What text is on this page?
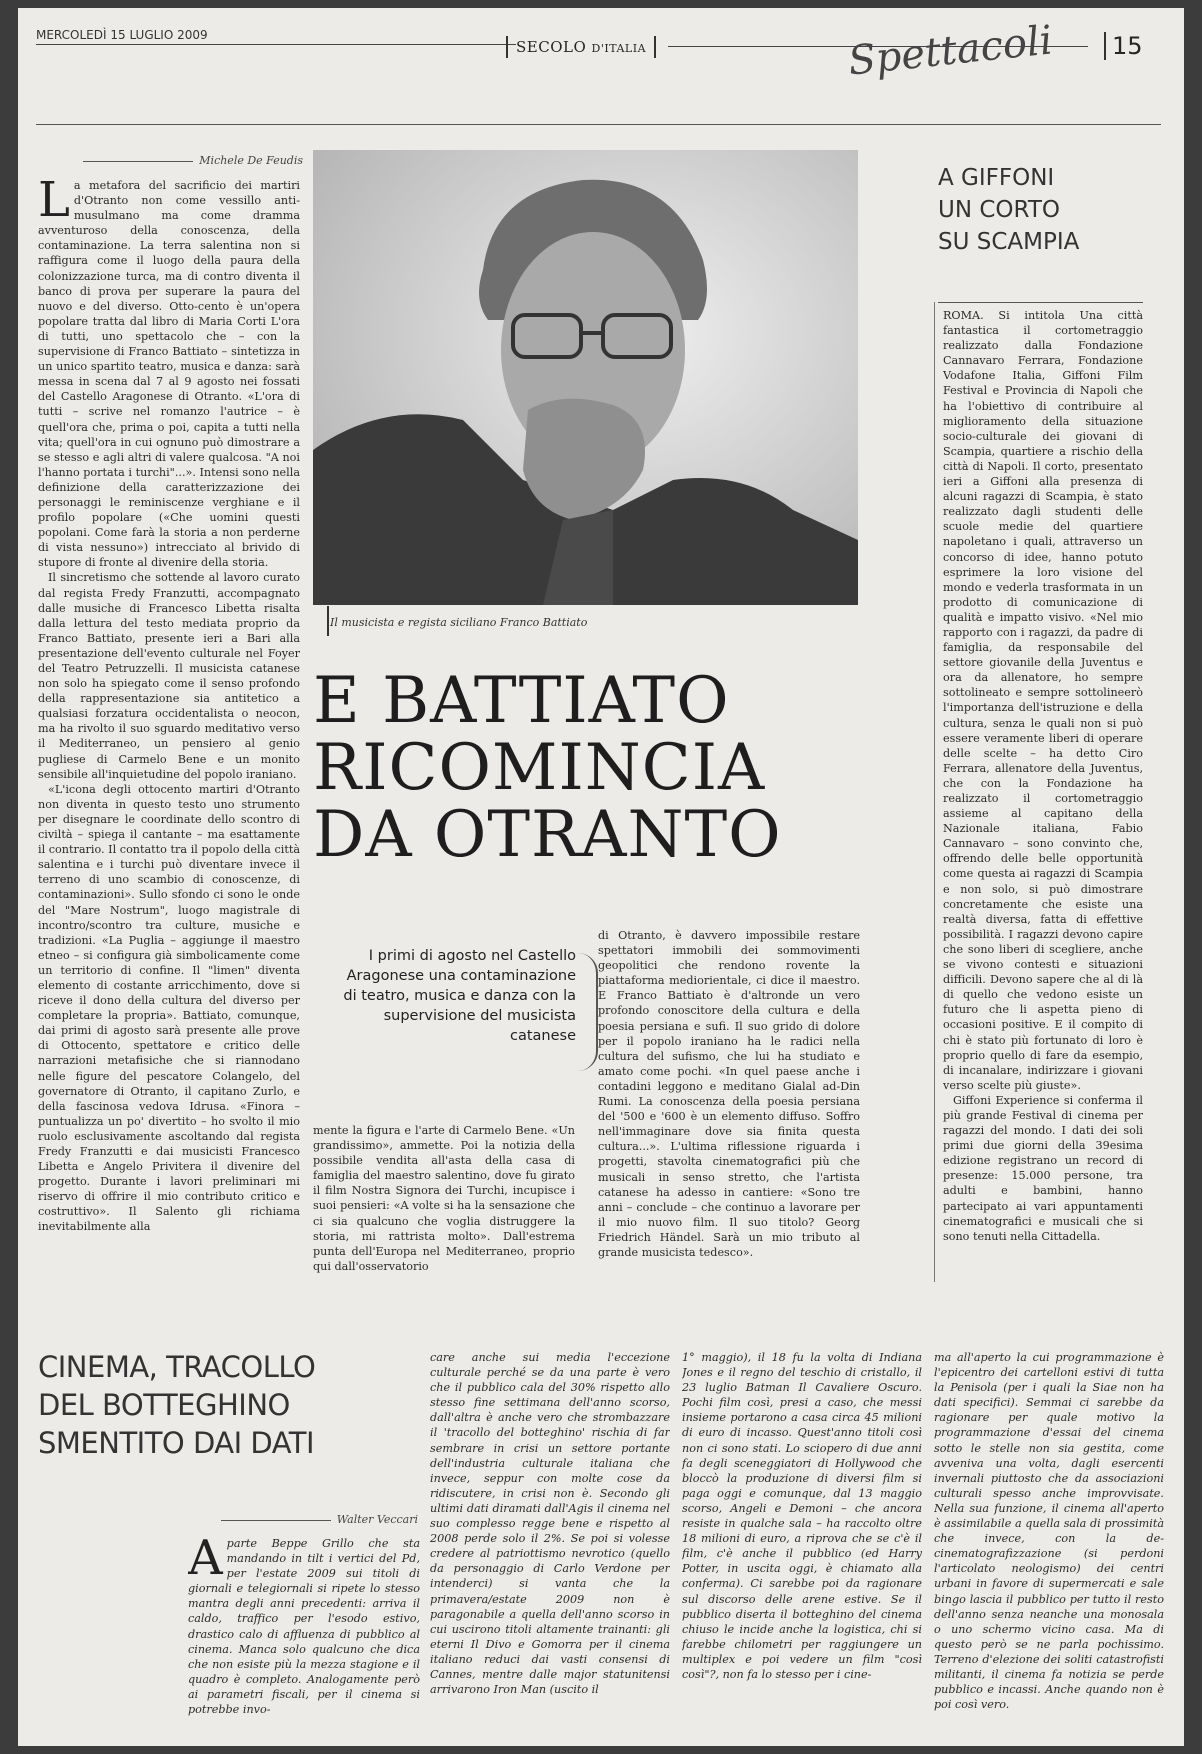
MERCOLEDÌ 15 LUGLIO 2009
SECOLO D'ITALIA	Spettacoli	15
Michele De Feudis

La metafora del sacrificio dei martiri d'Otranto non come vessillo anti-musulmano ma come dramma avventuroso della conoscenza, della contaminazione. La terra salentina non si raffigura come il luogo della paura della colonizzazione turca, ma di contro diventa il banco di prova per superare la paura del nuovo e del diverso. Otto-cento è un'opera popolare tratta dal libro di Maria Corti L'ora di tutti, uno spettacolo che – con la supervisione di Franco Battiato – sintetizza in un unico spartito teatro, musica e danza: sarà messa in scena dal 7 al 9 agosto nei fossati del Castello Aragonese di Otranto. «L'ora di tutti – scrive nel romanzo l'autrice – è quell'ora che, prima o poi, capita a tutti nella vita; quell'ora in cui ognuno può dimostrare a se stesso e agli altri di valere qualcosa. "A noi l'hanno portata i turchi"...». Intensi sono nella definizione della caratterizzazione dei personaggi le reminiscenze verghiane e il profilo popolare («Che uomini questi popolani. Come farà la storia a non perderne di vista nessuno») intrecciato al brivido di stupore di fronte al divenire della storia.

Il sincretismo che sottende al lavoro curato dal regista Fredy Franzutti, accompagnato dalle musiche di Francesco Libetta risalta dalla lettura del testo mediata proprio da Franco Battiato, presente ieri a Bari alla presentazione dell'evento culturale nel Foyer del Teatro Petruzzelli. Il musicista catanese non solo ha spiegato come il senso profondo della rappresentazione sia antitetico a qualsiasi forzatura occidentalista o neocon, ma ha rivolto il suo sguardo meditativo verso il Mediterraneo, un pensiero al genio pugliese di Carmelo Bene e un monito sensibile all'inquietudine del popolo iraniano.

«L'icona degli ottocento martiri d'Otranto non diventa in questo testo uno strumento per disegnare le coordinate dello scontro di civiltà – spiega il cantante – ma esattamente il contrario. Il contatto tra il popolo della città salentina e i turchi può diventare invece il terreno di uno scambio di conoscenze, di contaminazioni». Sullo sfondo ci sono le onde del "Mare Nostrum", luogo magistrale di incontro/scontro tra culture, musiche e tradizioni. «La Puglia – aggiunge il maestro etneo – si configura già simbolicamente come un territorio di confine. Il "limen" diventa elemento di costante arricchimento, dove si riceve il dono della cultura del diverso per completare la propria». Battiato, comunque, dai primi di agosto sarà presente alle prove di Ottocento, spettatore e critico delle narrazioni metafisiche che si riannodano nelle figure del pescatore Colangelo, del governatore di Otranto, il capitano Zurlo, e della fascinosa vedova Idrusa. «Finora – puntualizza un po' divertito – ho svolto il mio ruolo esclusivamente ascoltando dal regista Fredy Franzutti e dai musicisti Francesco Libetta e Angelo Privitera il divenire del progetto. Durante i lavori preliminari mi riservo di offrire il mio contributo critico e costruttivo». Il Salento gli richiama inevitabilmente alla

Il musicista e regista siciliano Franco Battiato
E BATTIATO
RICOMINCIA
DA OTRANTO
I primi di agosto nel Castello Aragonese una contaminazione di teatro, musica e danza con la supervisione del musicista catanese

mente la figura e l'arte di Carmelo Bene. «Un grandissimo», ammette. Poi la notizia della possibile vendita all'asta della casa di famiglia del maestro salentino, dove fu girato il film Nostra Signora dei Turchi, incupisce i suoi pensieri: «A volte si ha la sensazione che ci sia qualcuno che voglia distruggere la storia, mi rattrista molto». Dall'estrema punta dell'Europa nel Mediterraneo, proprio qui dall'osservatorio

di Otranto, è davvero impossibile restare spettatori immobili dei sommovimenti geopolitici che rendono rovente la piattaforma mediorientale, ci dice il maestro. E Franco Battiato è d'altronde un vero profondo conoscitore della cultura e della poesia persiana e sufi. Il suo grido di dolore per il popolo iraniano ha le radici nella cultura del sufismo, che lui ha studiato e amato come pochi. «In quel paese anche i contadini leggono e meditano Gialal ad-Din Rumi. La conoscenza della poesia persiana del '500 e '600 è un elemento diffuso. Soffro nell'immaginare dove sia finita questa cultura...». L'ultima riflessione riguarda i progetti, stavolta cinematografici più che musicali in senso stretto, che l'artista catanese ha adesso in cantiere: «Sono tre anni – conclude – che continuo a lavorare per il mio nuovo film. Il suo titolo? Georg Friedrich Händel. Sarà un mio tributo al grande musicista tedesco».

A GIFFONI
UN CORTO
SU SCAMPIA

ROMA. Si intitola Una città fantastica il cortometraggio realizzato dalla Fondazione Cannavaro Ferrara, Fondazione Vodafone Italia, Giffoni Film Festival e Provincia di Napoli che ha l'obiettivo di contribuire al miglioramento della situazione socio-culturale dei giovani di Scampia, quartiere a rischio della città di Napoli. Il corto, presentato ieri a Giffoni alla presenza di alcuni ragazzi di Scampia, è stato realizzato dagli studenti delle scuole medie del quartiere napoletano i quali, attraverso un concorso di idee, hanno potuto esprimere la loro visione del mondo e vederla trasformata in un prodotto di comunicazione di qualità e impatto visivo. «Nel mio rapporto con i ragazzi, da padre di famiglia, da responsabile del settore giovanile della Juventus e ora da allenatore, ho sempre sottolineato e sempre sottolineerò l'importanza dell'istruzione e della cultura, senza le quali non si può essere veramente liberi di operare delle scelte – ha detto Ciro Ferrara, allenatore della Juventus, che con la Fondazione ha realizzato il cortometraggio assieme al capitano della Nazionale italiana, Fabio Cannavaro – sono convinto che, offrendo delle belle opportunità come questa ai ragazzi di Scampia e non solo, si può dimostrare concretamente che esiste una realtà diversa, fatta di effettive possibilità. I ragazzi devono capire che sono liberi di scegliere, anche se vivono contesti e situazioni difficili. Devono sapere che al di là di quello che vedono esiste un futuro che li aspetta pieno di occasioni positive. E il compito di chi è stato più fortunato di loro è proprio quello di fare da esempio, di incanalare, indirizzare i giovani verso scelte più giuste».

Giffoni Experience si conferma il più grande Festival di cinema per ragazzi del mondo. I dati dei soli primi due giorni della 39esima edizione registrano un record di presenze: 15.000 persone, tra adulti e bambini, hanno partecipato ai vari appuntamenti cinematografici e musicali che si sono tenuti nella Cittadella.

CINEMA, TRACOLLO
DEL BOTTEGHINO
SMENTITO DAI DATI
Walter Veccari

A parte Beppe Grillo che sta mandando in tilt i vertici del Pd, per l'estate 2009 sui titoli di giornali e telegiornali si ripete lo stesso mantra degli anni precedenti: arriva il caldo, traffico per l'esodo estivo, drastico calo di affluenza di pubblico al cinema. Manca solo qualcuno che dica che non esiste più la mezza stagione e il quadro è completo. Analogamente però ai parametri fiscali, per il cinema si potrebbe invo-

care anche sui media l'eccezione culturale perché se da una parte è vero che il pubblico cala del 30% rispetto allo stesso fine settimana dell'anno scorso, dall'altra è anche vero che strombazzare il 'tracollo del botteghino' rischia di far sembrare in crisi un settore portante dell'industria culturale italiana che invece, seppur con molte cose da ridiscutere, in crisi non è. Secondo gli ultimi dati diramati dall'Agis il cinema nel suo complesso regge bene e rispetto al 2008 perde solo il 2%. Se poi si volesse credere al patriottismo nevrotico (quello da personaggio di Carlo Verdone per intenderci) si vanta che la primavera/estate 2009 non è paragonabile a quella dell'anno scorso in cui uscirono titoli altamente trainanti: gli eterni Il Divo e Gomorra per il cinema italiano reduci dai vasti consensi di Cannes, mentre dalle major statunitensi arrivarono Iron Man (uscito il

1° maggio), il 18 fu la volta di Indiana Jones e il regno del teschio di cristallo, il 23 luglio Batman Il Cavaliere Oscuro. Pochi film così, presi a caso, che messi insieme portarono a casa circa 45 milioni di euro di incasso. Quest'anno titoli così non ci sono stati. Lo sciopero di due anni fa degli sceneggiatori di Hollywood che bloccò la produzione di diversi film si paga oggi e comunque, dal 13 maggio scorso, Angeli e Demoni – che ancora resiste in qualche sala – ha raccolto oltre 18 milioni di euro, a riprova che se c'è il film, c'è anche il pubblico (ed Harry Potter, in uscita oggi, è chiamato alla conferma). Ci sarebbe poi da ragionare sul discorso delle arene estive. Se il pubblico diserta il botteghino del cinema chiuso le incide anche la logistica, chi si farebbe chilometri per raggiungere un multiplex e poi vedere un film "così così"?, non fa lo stesso per i cine-

ma all'aperto la cui programmazione è l'epicentro dei cartelloni estivi di tutta la Penisola (per i quali la Siae non ha dati specifici). Semmai ci sarebbe da ragionare per quale motivo la programmazione d'essai del cinema sotto le stelle non sia gestita, come avveniva una volta, dagli esercenti invernali piuttosto che da associazioni culturali spesso anche improvvisate. Nella sua funzione, il cinema all'aperto è assimilabile a quella sala di prossimità che invece, con la de-cinematografizzazione (si perdoni l'articolato neologismo) dei centri urbani in favore di supermercati e sale bingo lascia il pubblico per tutto il resto dell'anno senza neanche una monosala o uno schermo vicino casa. Ma di questo però se ne parla pochissimo. Terreno d'elezione dei soliti catastrofisti militanti, il cinema fa notizia se perde pubblico e incassi. Anche quando non è poi così vero.
